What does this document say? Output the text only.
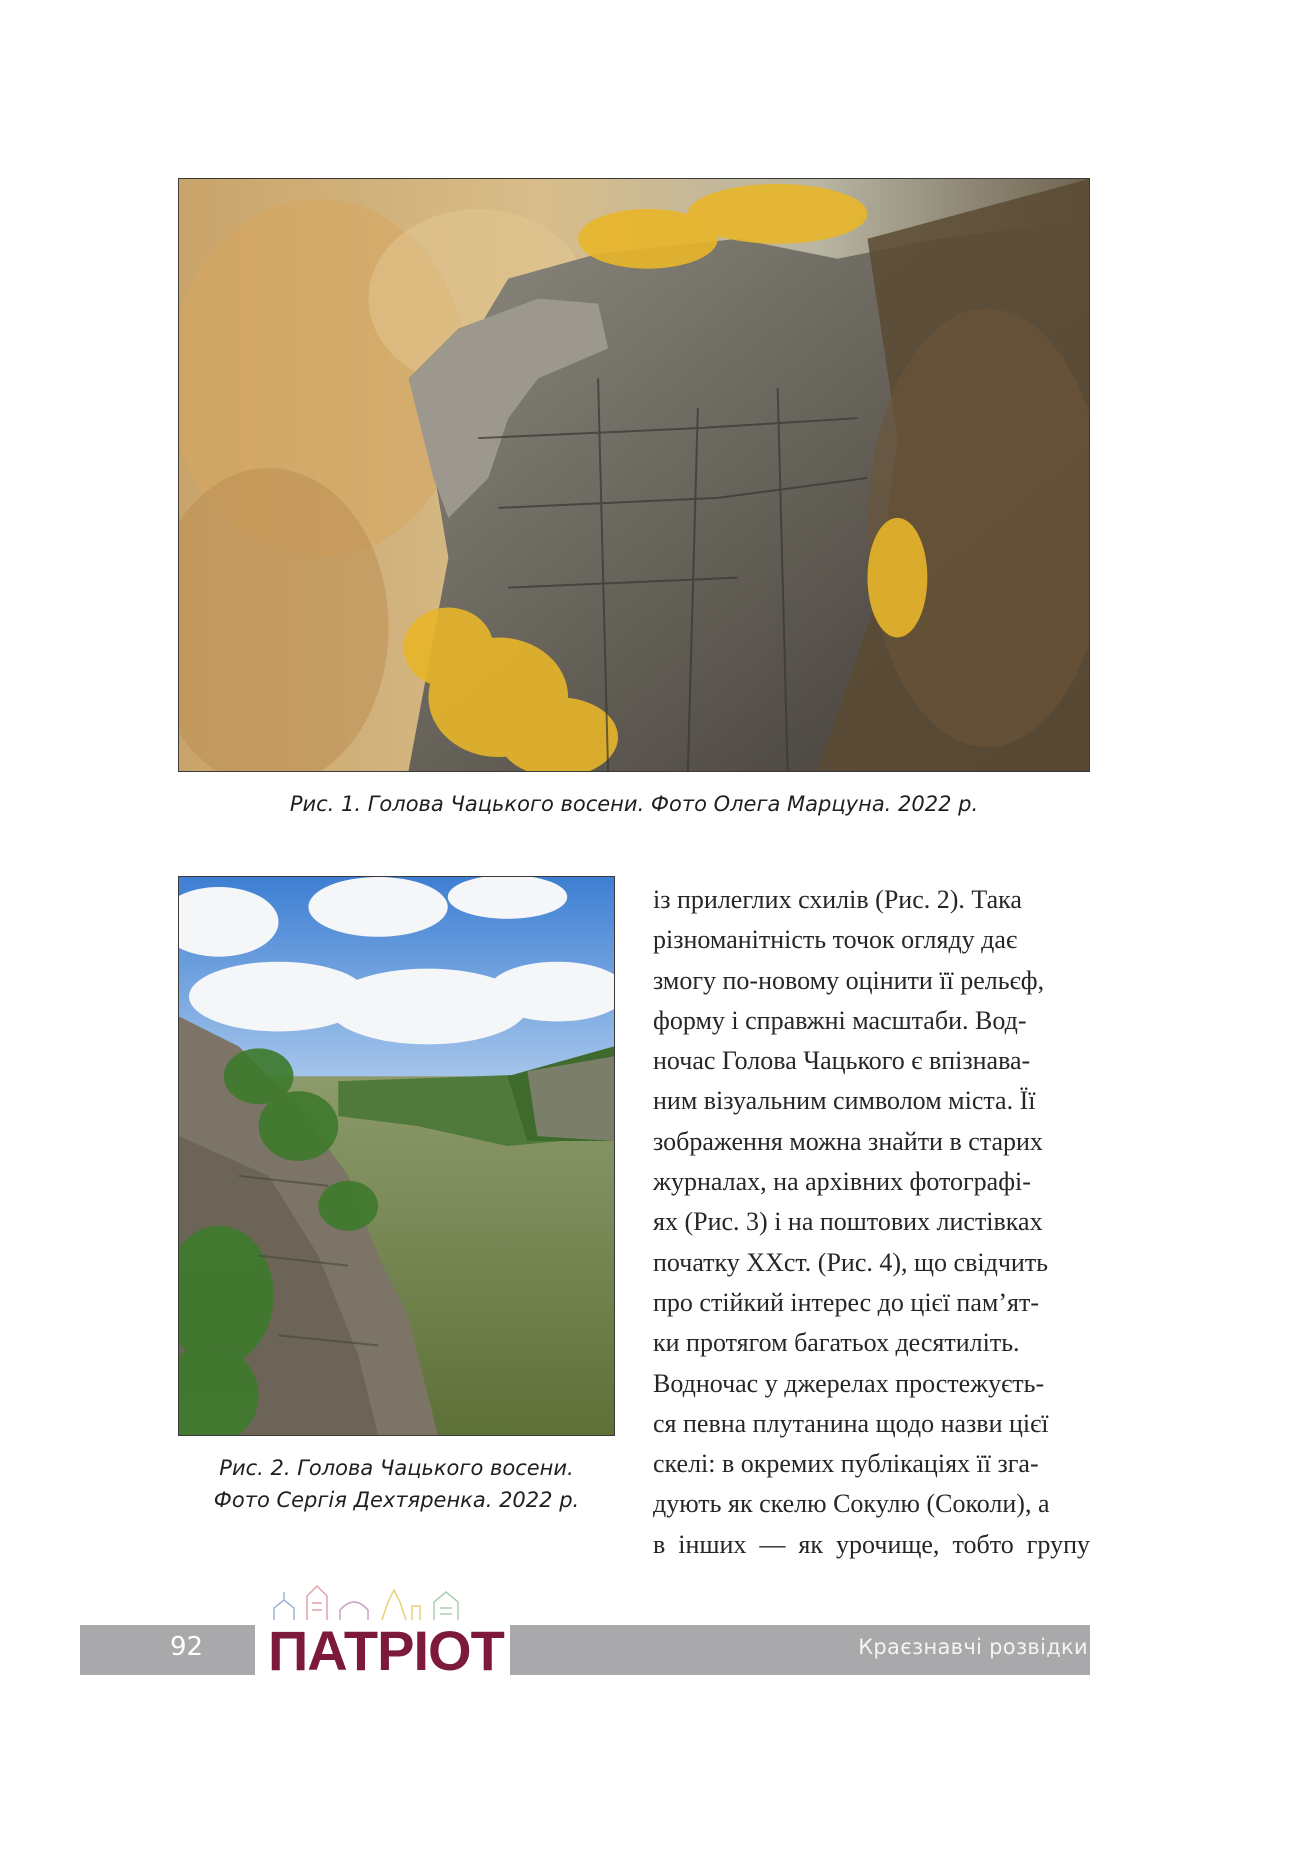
Рис. 1. Голова Чацького восени. Фото Олега Марцуна. 2022 р.
Рис. 2. Голова Чацького восени.
Фото Сергія Дехтяренка. 2022 р.
із прилеглих схилів (Рис. 2). Така
різноманітність точок огляду дає
змогу по-новому оцінити її рельєф,
форму і справжні масштаби. Вод-
ночас Голова Чацького є впізнава-
ним візуальним символом міста. Її
зображення можна знайти в старих
журналах, на архівних фотографі-
ях (Рис. 3) і на поштових листівках
початку ХХст. (Рис. 4), що свідчить
про стійкий інтерес до цієї пам’ят-
ки протягом багатьох десятиліть.
Водночас у джерелах простежуєть-
ся певна плутанина щодо назви цієї
скелі: в окремих публікаціях її зга-
дують як скелю Сокулю (Соколи), а
в інших — як урочище, тобто групу
92 ПАТРІОТ	Краєзнавчі розвідки
